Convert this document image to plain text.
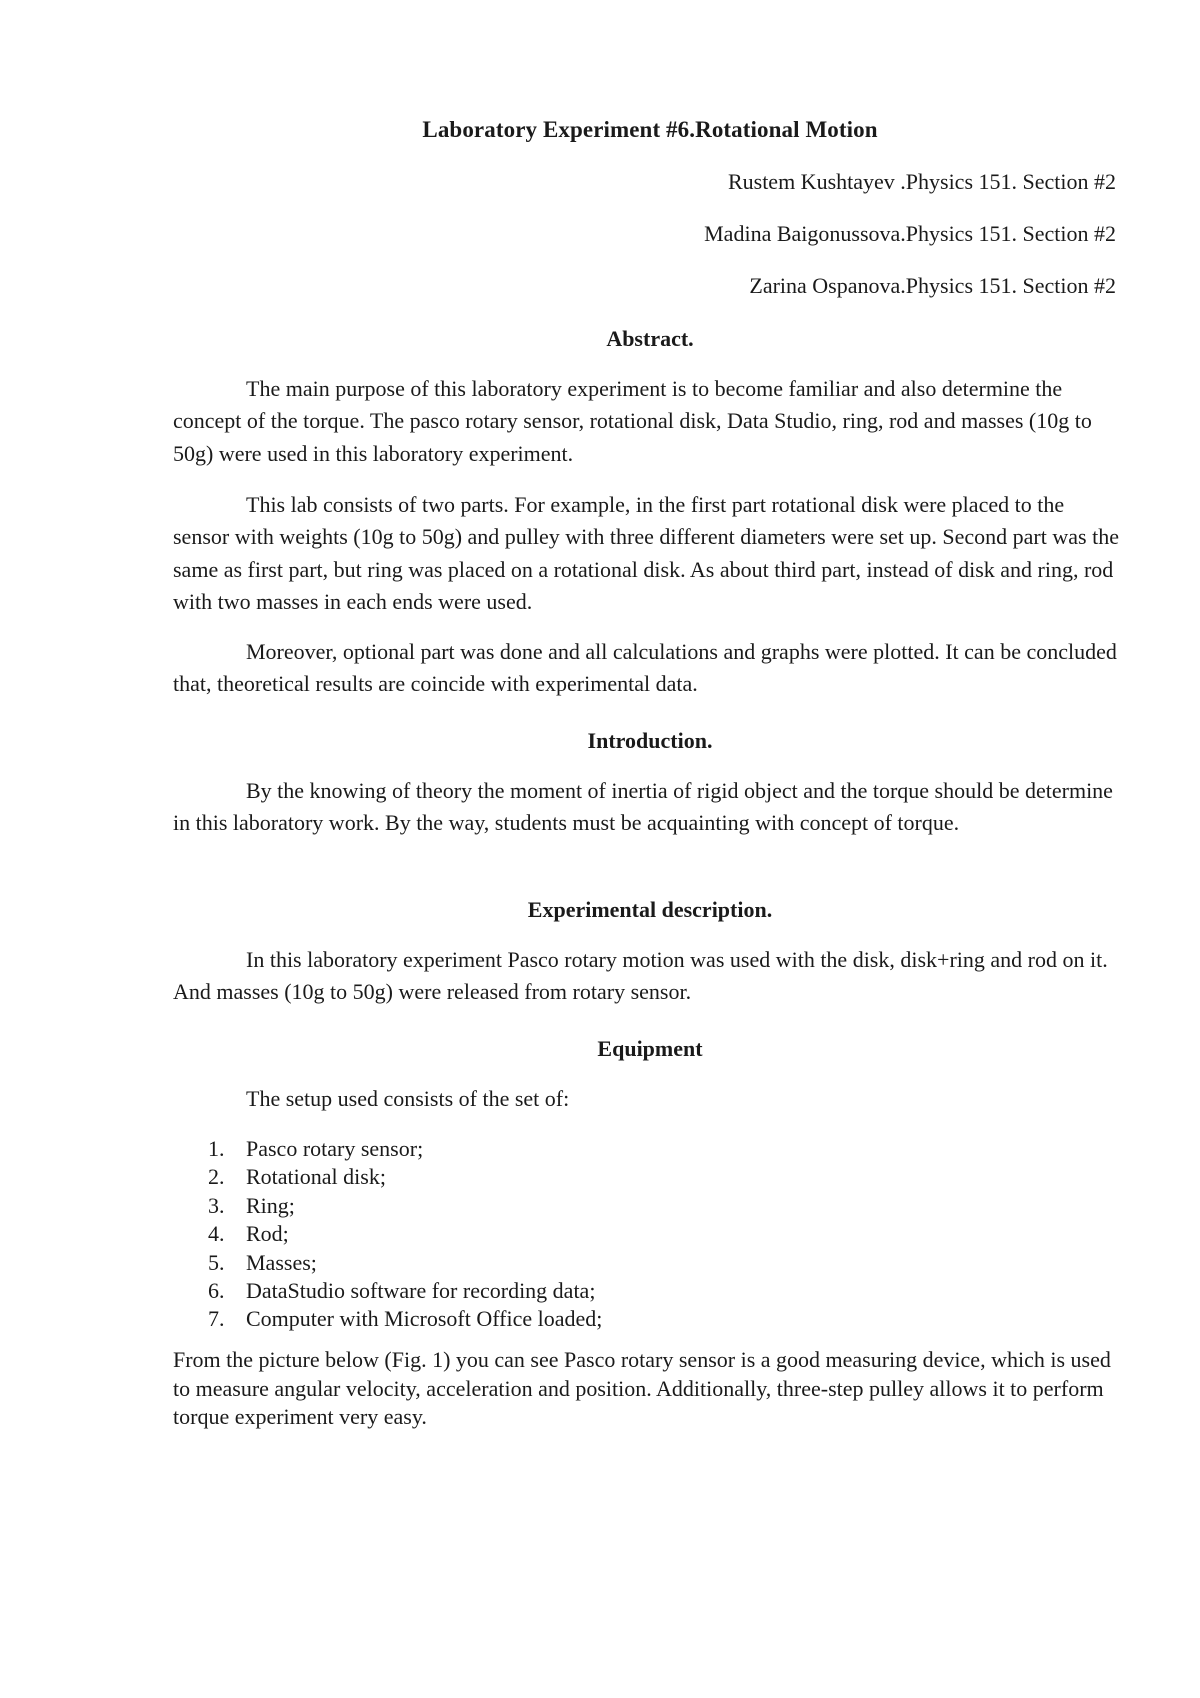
Laboratory Experiment #6.Rotational Motion
Rustem Kushtayev .Physics 151. Section #2
Madina Baigonussova.Physics 151. Section #2
Zarina Ospanova.Physics 151. Section #2
Abstract.

The main purpose of this laboratory experiment is to become familiar and also determine the concept of the torque. The pasco rotary sensor, rotational disk, Data Studio, ring, rod and masses (10g to 50g) were used in this laboratory experiment.

This lab consists of two parts. For example, in the first part rotational disk were placed to the sensor with weights (10g to 50g) and pulley with three different diameters were set up. Second part was the same as first part, but ring was placed on a rotational disk. As about third part, instead of disk and ring, rod with two masses in each ends were used.

Moreover, optional part was done and all calculations and graphs were plotted. It can be concluded that, theoretical results are coincide with experimental data.

Introduction.

By the knowing of theory the moment of inertia of rigid object and the torque should be determine in this laboratory work. By the way, students must be acquainting with concept of torque.

Experimental description.

In this laboratory experiment Pasco rotary motion was used with the disk, disk+ring and rod on it. And masses (10g to 50g) were released from rotary sensor.

Equipment

The setup used consists of the set of:

1. Pasco rotary sensor;
2. Rotational disk;
3. Ring;
4. Rod;
5. Masses;
6. DataStudio software for recording data;
7. Computer with Microsoft Office loaded;

From the picture below (Fig. 1) you can see Pasco rotary sensor is a good measuring device, which is used to measure angular velocity, acceleration and position. Additionally, three-step pulley allows it to perform torque experiment very easy.
